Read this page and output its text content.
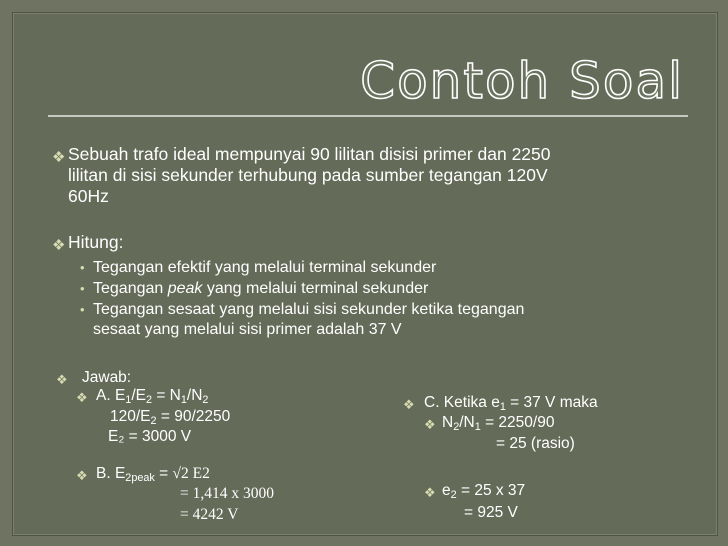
Contoh Soal
❖ Sebuah trafo ideal mempunyai 90 lilitan disisi primer dan 2250
lilitan di sisi sekunder terhubung pada sumber tegangan 120V
60Hz
❖ Hitung:
• Tegangan efektif yang melalui terminal sekunder
• Tegangan peak yang melalui terminal sekunder
• Tegangan sesaat yang melalui sisi sekunder ketika tegangan
sesaat yang melalui sisi primer adalah 37 V
❖ Jawab:
❖ A. $E_1/E_2 = N_1/N_2$
$120/E_2 = 90/2250$
E₂ = 3000 V
❖ B. $E_{2peak} = √2$ E2
= 1,414 x 3000
= 4242 V
❖ C. Ketika $e_1 = 37$ V maka
❖ $N_2/N_1 = 2250/90$
= 25 (rasio)
❖ $e_2 = 25$ x 37
= 925 V
